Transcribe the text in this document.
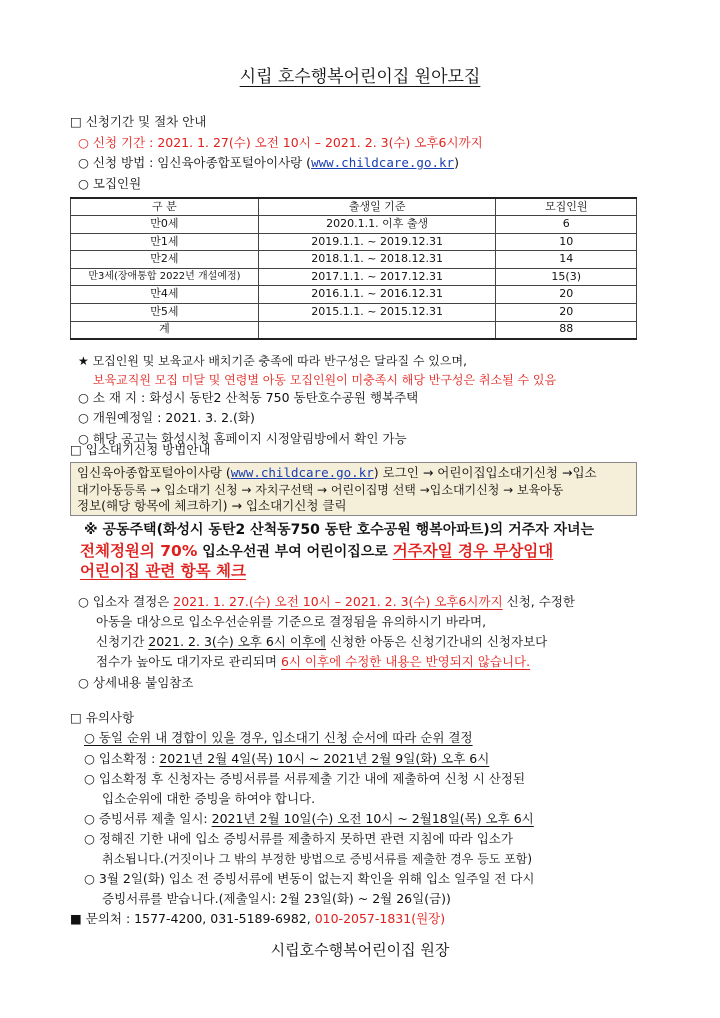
시립 호수행복어린이집 원아모집
□ 신청기간 및 절차 안내
○ 신청 기간 : 2021. 1. 27(수) 오전 10시 – 2021. 2. 3(수) 오후6시까지
○ 신청 방법 : 임신육아종합포털아이사랑 (www.childcare.go.kr)
○ 모집인원
구 분	출생일 기준	모집인원
만0세	2020.1.1. 이후 출생	6
만1세	2019.1.1. ~ 2019.12.31	10
만2세	2018.1.1. ~ 2018.12.31	14
만3세(장애통합 2022년 개설예정)	2017.1.1. ~ 2017.12.31	15(3)
만4세	2016.1.1. ~ 2016.12.31	20
만5세	2015.1.1. ~ 2015.12.31	20
계		88
★ 모집인원 및 보육교사 배치기준 충족에 따라 반구성은 달라질 수 있으며,
보육교직원 모집 미달 및 연령별 아동 모집인원이 미충족시 해당 반구성은 취소될 수 있음
○ 소 재 지 : 화성시 동탄2 산척동 750 동탄호수공원 행복주택
○ 개원예정일 : 2021. 3. 2.(화)
○ 해당 공고는 화성시청 홈페이지 시정알림방에서 확인 가능
□ 입소대기신청 방법안내
임신육아종합포털아이사랑 (www.childcare.go.kr) 로그인 → 어린이집입소대기신청 →입소
대기아동등록 → 입소대기 신청 → 자치구선택 → 어린이집명 선택 →입소대기신청 → 보육아동
정보(해당 항목에 체크하기) → 입소대기신청 클릭
※ 공동주택(화성시 동탄2 산척동750 동탄 호수공원 행복아파트)의 거주자 자녀는
전체정원의 70% 입소우선권 부여 어린이집으로 거주자일 경우 무상임대
어린이집 관련 항목 체크
○ 입소자 결정은 2021. 1. 27.(수) 오전 10시 – 2021. 2. 3(수) 오후6시까지 신청, 수정한
아동을 대상으로 입소우선순위를 기준으로 결정됨을 유의하시기 바라며,
신청기간 2021. 2. 3(수) 오후 6시 이후에 신청한 아동은 신청기간내의 신청자보다
점수가 높아도 대기자로 관리되며 6시 이후에 수정한 내용은 반영되지 않습니다.
○ 상세내용 붙임참조
□ 유의사항
○ 동일 순위 내 경합이 있을 경우, 입소대기 신청 순서에 따라 순위 결정
○ 입소확정 : 2021년 2월 4일(목) 10시 ~ 2021년 2월 9일(화) 오후 6시
○ 입소확정 후 신청자는 증빙서류를 서류제출 기간 내에 제출하여 신청 시 산정된
입소순위에 대한 증빙을 하여야 합니다.
○ 증빙서류 제출 일시: 2021년 2월 10일(수) 오전 10시 ~ 2월18일(목) 오후 6시
○ 정해진 기한 내에 입소 증빙서류를 제출하지 못하면 관련 지침에 따라 입소가
취소됩니다.(거짓이나 그 밖의 부정한 방법으로 증빙서류를 제출한 경우 등도 포함)
○ 3월 2일(화) 입소 전 증빙서류에 변동이 없는지 확인을 위해 입소 일주일 전 다시
증빙서류를 받습니다.(제출일시: 2월 23일(화) ~ 2월 26일(금))
■ 문의처 : 1577-4200, 031-5189-6982, 010-2057-1831(원장)
시립호수행복어린이집 원장
